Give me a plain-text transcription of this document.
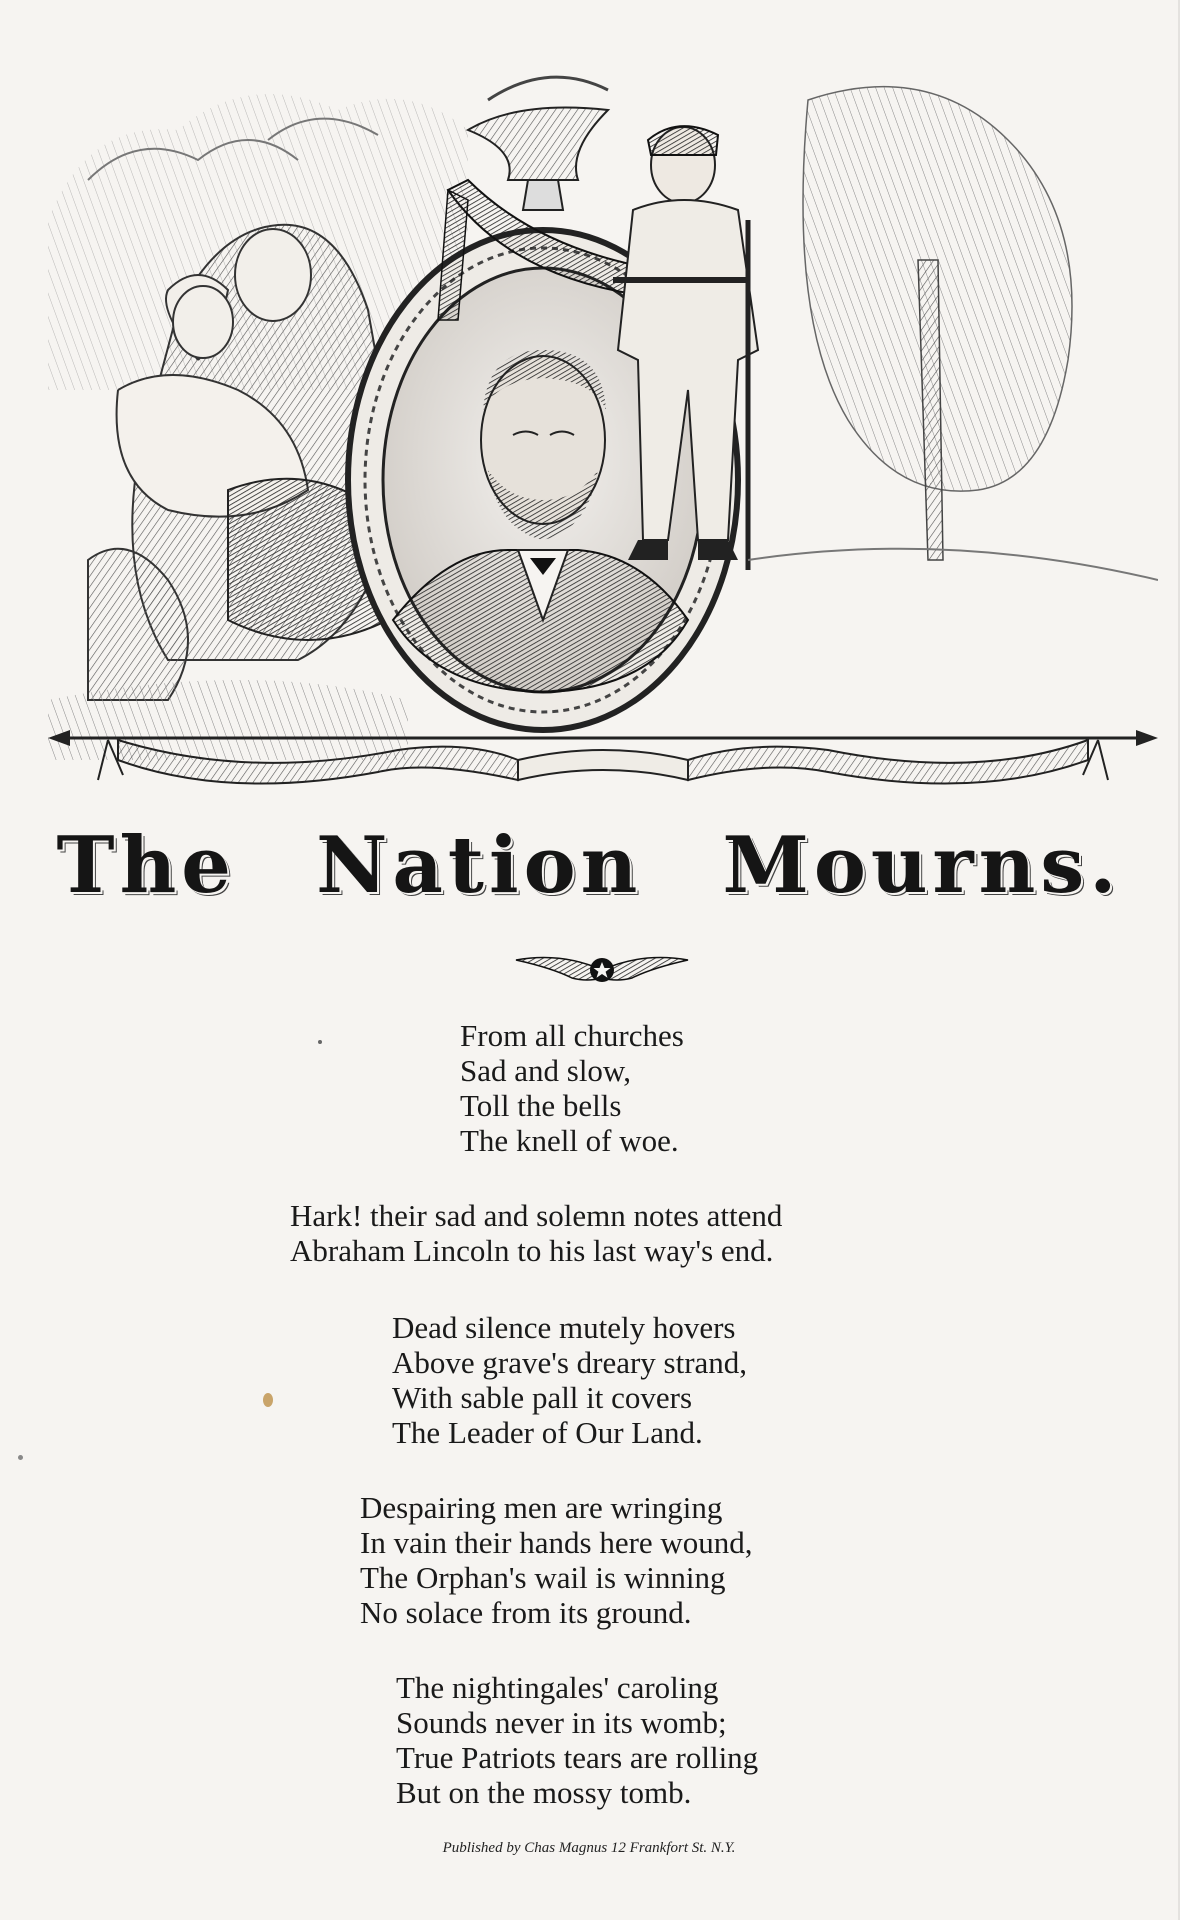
The Nation Mourns.
From all churches
Sad and slow,
Toll the bells
The knell of woe.
Hark! their sad and solemn notes attend
Abraham Lincoln to his last way's end.
Dead silence mutely hovers
Above grave's dreary strand,
With sable pall it covers
The Leader of Our Land.
Despairing men are wringing
In vain their hands here wound,
The Orphan's wail is winning
No solace from its ground.
The nightingales' caroling
Sounds never in its womb;
True Patriots tears are rolling
But on the mossy tomb.
Published by Chas Magnus 12 Frankfort St. N.Y.
